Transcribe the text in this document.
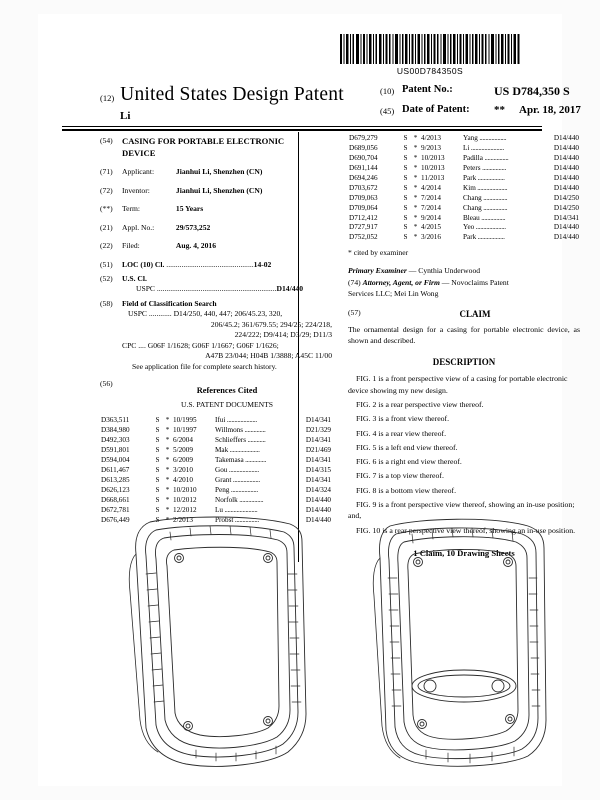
US00D784350S
(12) United States Design Patent
Li
(10) Patent No.:	US D784,350 S
(45) Date of Patent:	** Apr. 18, 2017
(54)	CASING FOR PORTABLE ELECTRONIC
DEVICE
(71)	Applicant:	Jianhui Li, Shenzhen (CN)
(72)	Inventor:	Jianhui Li, Shenzhen (CN)
(**)	Term:	15 Years
(21)	Appl. No.:	29/573,252
(22)	Filed:	Aug. 4, 2016
(51)	LOC (10) Cl. ..............................................14-02
(52)	U.S. Cl.
USPC ...............................................................D14/440
(58)	Field of Classification Search

USPC ............ D14/250, 440, 447; 206/45.23, 320,
206/45.2; 361/679.55; 294/25; 224/218,
224/222; D9/414; D3/29; D11/3
CPC .... G06F 1/1628; G06F 1/1667; G06F 1/1626;
A47B 23/044; H04B 1/3888; A45C 11/00
See application file for complete search history.
(56)
References Cited
U.S. PATENT DOCUMENTS
D363,511	S	*	10/1995	Ifui ....................	D14/341
D384,980	S	*	10/1997	Willmons ..............	D21/329
D492,303	S	*	6/2004	Schlieffers ............	D14/341
D591,801	S	*	5/2009	Mak ....................	D21/469
D594,004	S	*	6/2009	Takemasa ..............	D14/341
D611,467	S	*	3/2010	Gou ....................	D14/315
D613,285	S	*	4/2010	Grant ..................	D14/341
D626,123	S	*	10/2010	Peng ..................	D14/324
D668,661	S	*	10/2012	Norfolk ................	D14/440
D672,781	S	*	12/2012	Lu ......................	D14/440
D676,449	S	*	2/2013	Probst ................	D14/440
D679,279	S	*	4/2013	Yang ..................	D14/440
D689,056	S	*	9/2013	Li ......................	D14/440
D690,704	S	*	10/2013	Padilla ................	D14/440
D691,144	S	*	10/2013	Peters ................	D14/440
D694,246	S	*	11/2013	Park ..................	D14/440
D703,672	S	*	4/2014	Kim ....................	D14/440
D709,063	S	*	7/2014	Chang ................	D14/250
D709,064	S	*	7/2014	Chang ................	D14/250
D712,412	S	*	9/2014	Bleau ................	D14/341
D727,917	S	*	4/2015	Yeo ....................	D14/440
D752,052	S	*	3/2016	Park ..................	D14/440
* cited by examiner
Primary Examiner — Cynthia Underwood
(74) Attorney, Agent, or Firm — Novoclaims Patent
Services LLC; Mei Lin Wong
(57)	CLAIM
The ornamental design for a casing for portable electronic device, as shown and described.
DESCRIPTION

FIG. 1 is a front perspective view of a casing for portable electronic device showing my new design.

FIG. 2 is a rear perspective view thereof.

FIG. 3 is a front view thereof.

FIG. 4 is a rear view thereof.

FIG. 5 is a left end view thereof.

FIG. 6 is a right end view thereof.

FIG. 7 is a top view thereof.

FIG. 8 is a bottom view thereof.

FIG. 9 is a front perspective view thereof, showing an in-use position; and,

FIG. 10 is a rear perspective view thereof, showing an in-use position.

1 Claim, 10 Drawing Sheets
